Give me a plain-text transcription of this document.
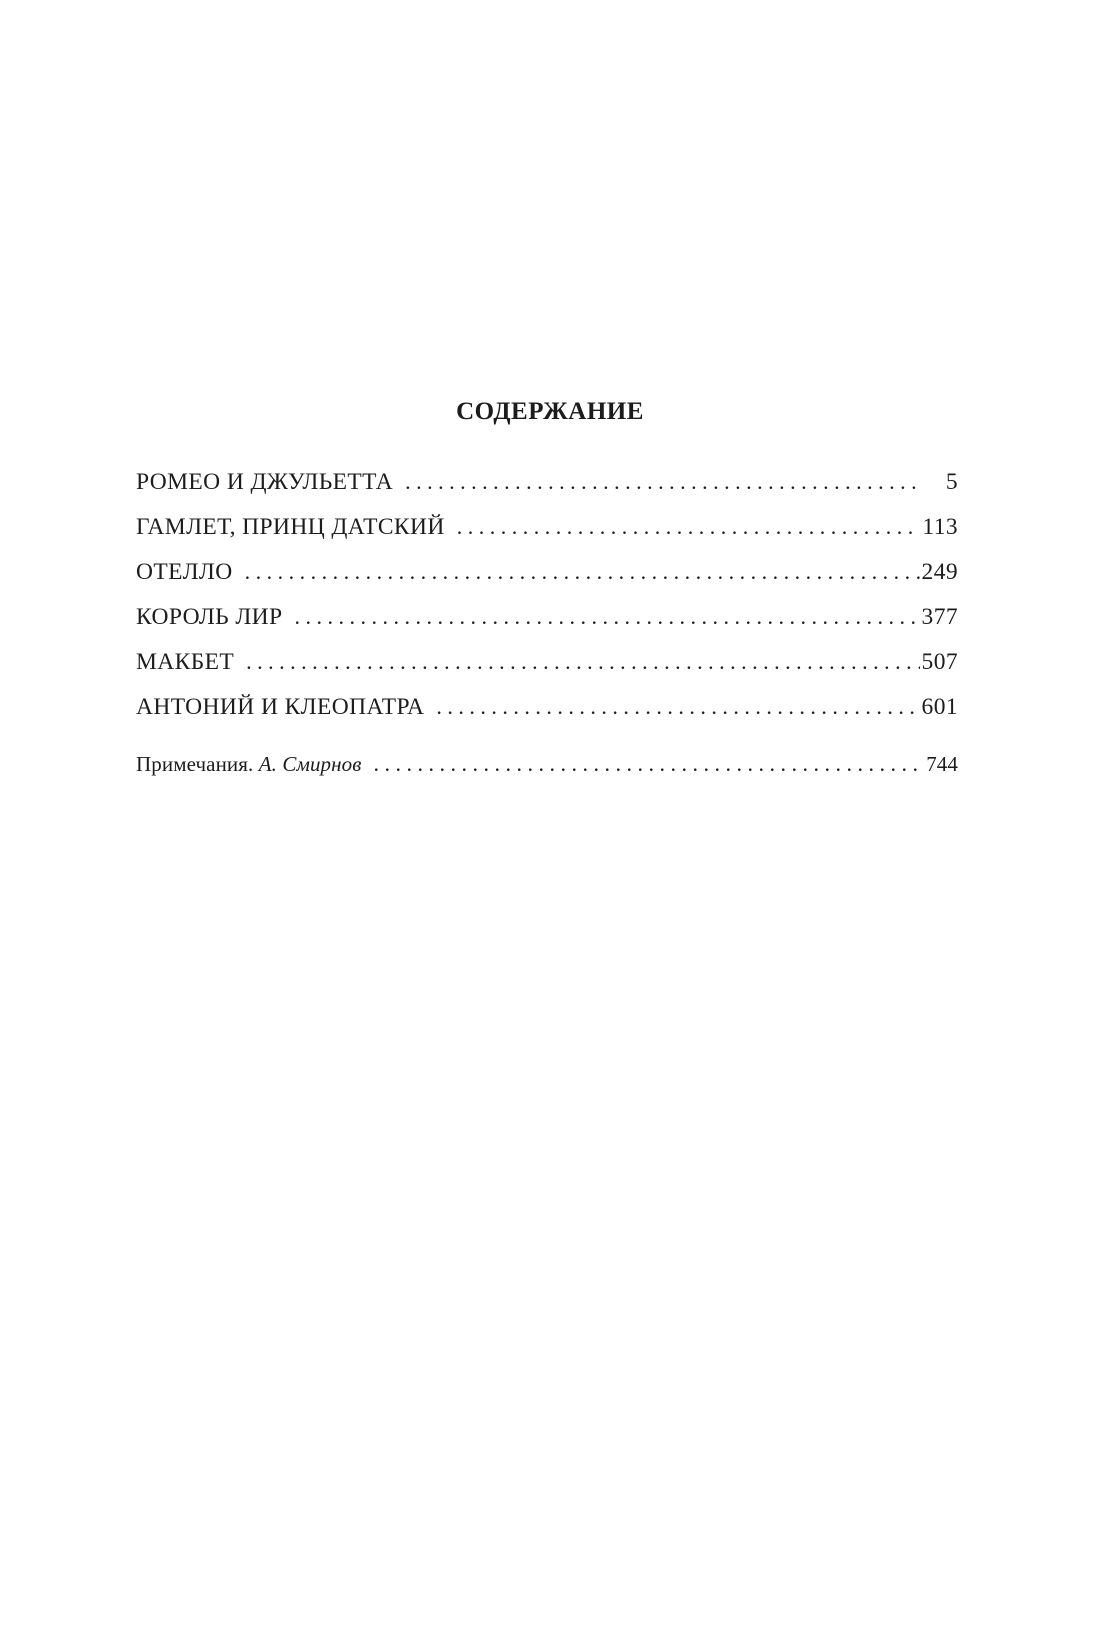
СОДЕРЖАНИЕ
РОМЕО И ДЖУЛЬЕТТА . . .	5
ГАМЛЕТ, ПРИНЦ ДАТСКИЙ . . .	113
ОТЕЛЛО . . .	249
КОРОЛЬ ЛИР . . .	377
МАКБЕТ . . .	507
АНТОНИЙ И КЛЕОПАТРА . . .	601
Примечания. А. Смирнов . . .	744
